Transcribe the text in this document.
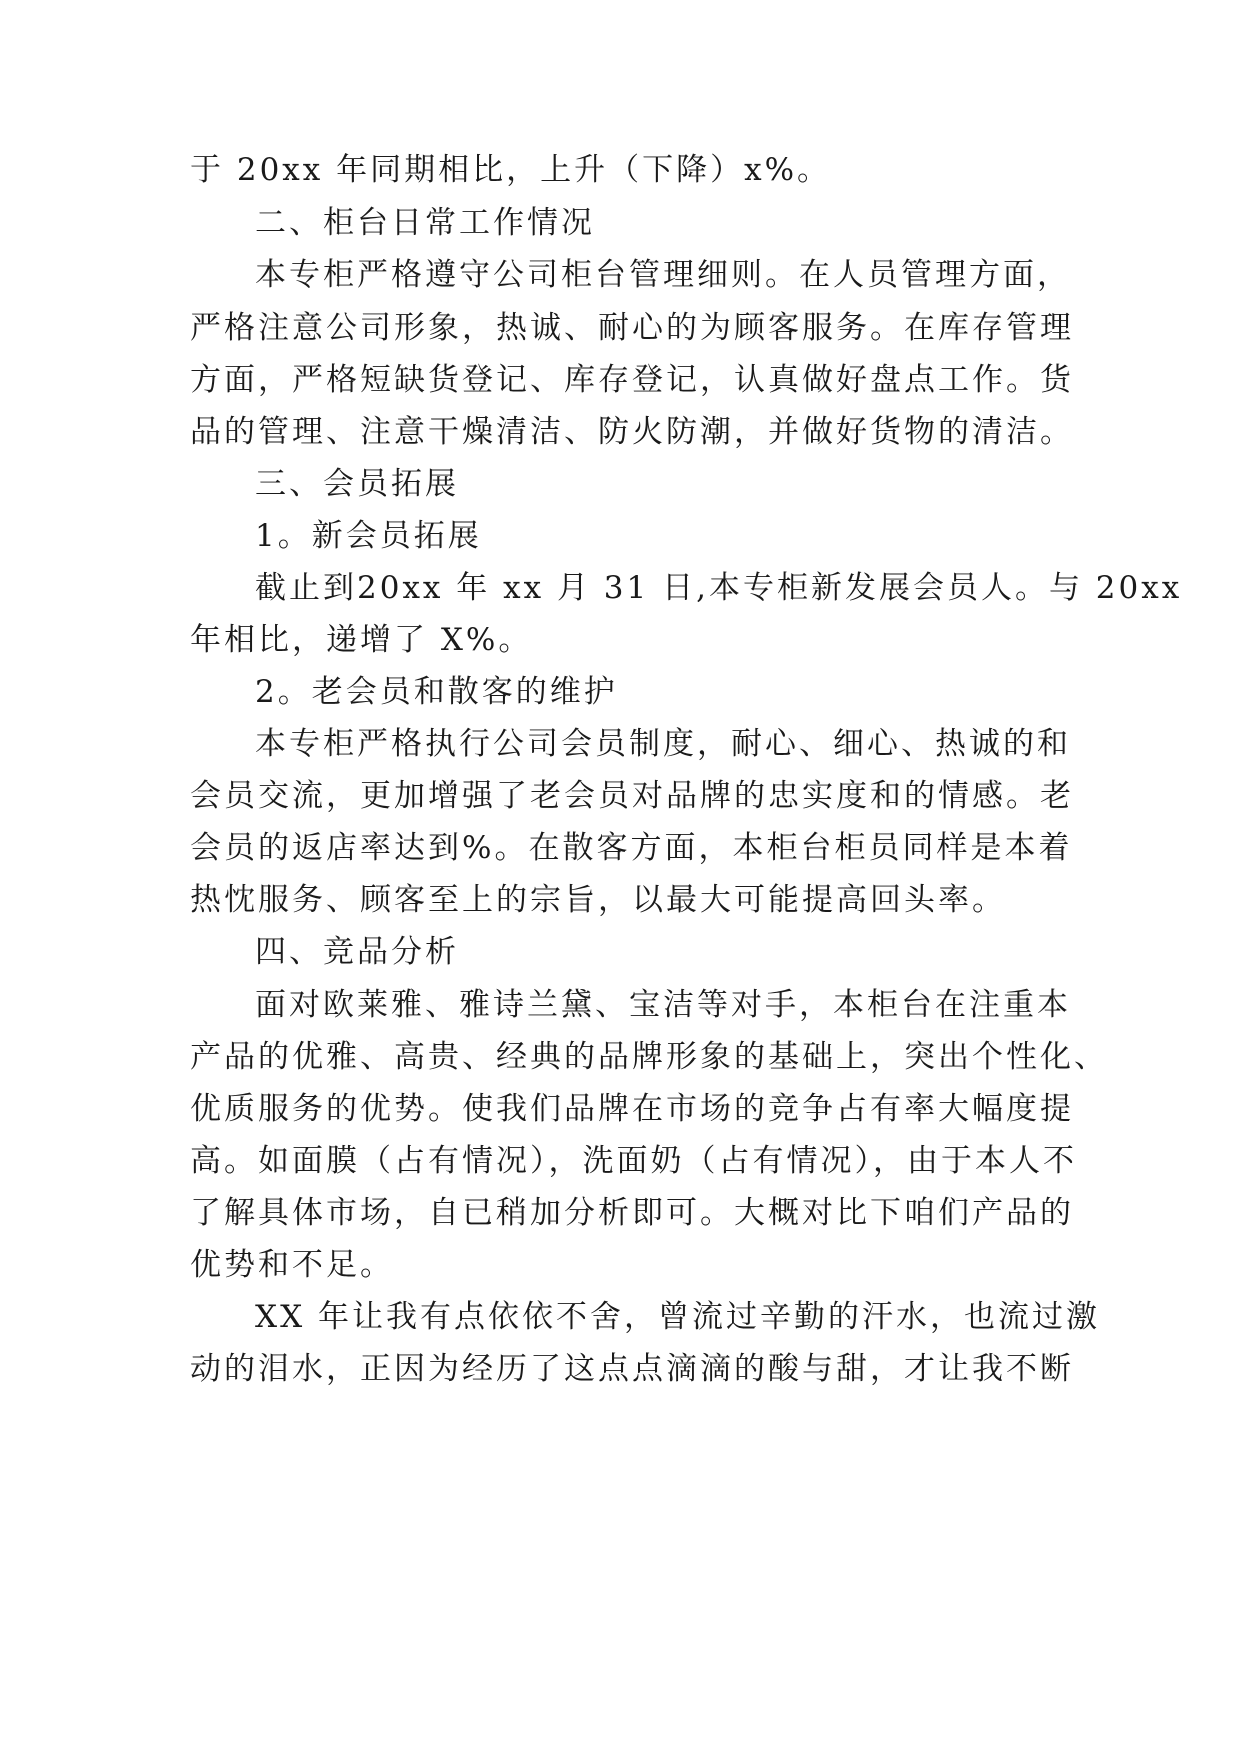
于 20xx 年同期相比，上升（下降）x%。
二、柜台日常工作情况
本专柜严格遵守公司柜台管理细则。在人员管理方面，
严格注意公司形象，热诚、耐心的为顾客服务。在库存管理
方面，严格短缺货登记、库存登记，认真做好盘点工作。货
品的管理、注意干燥清洁、防火防潮，并做好货物的清洁。
三、会员拓展
1。新会员拓展
截止到20xx 年 xx 月 31 日,本专柜新发展会员人。与 20xx
年相比，递增了 X%。
2。老会员和散客的维护
本专柜严格执行公司会员制度，耐心、细心、热诚的和
会员交流，更加增强了老会员对品牌的忠实度和的情感。老
会员的返店率达到%。在散客方面，本柜台柜员同样是本着
热忱服务、顾客至上的宗旨，以最大可能提高回头率。
四、竞品分析
面对欧莱雅、雅诗兰黛、宝洁等对手，本柜台在注重本
产品的优雅、高贵、经典的品牌形象的基础上，突出个性化、
优质服务的优势。使我们品牌在市场的竞争占有率大幅度提
高。如面膜（占有情况），洗面奶（占有情况），由于本人不
了解具体市场，自已稍加分析即可。大概对比下咱们产品的
优势和不足。
XX 年让我有点依依不舍，曾流过辛勤的汗水，也流过激
动的泪水，正因为经历了这点点滴滴的酸与甜，才让我不断
